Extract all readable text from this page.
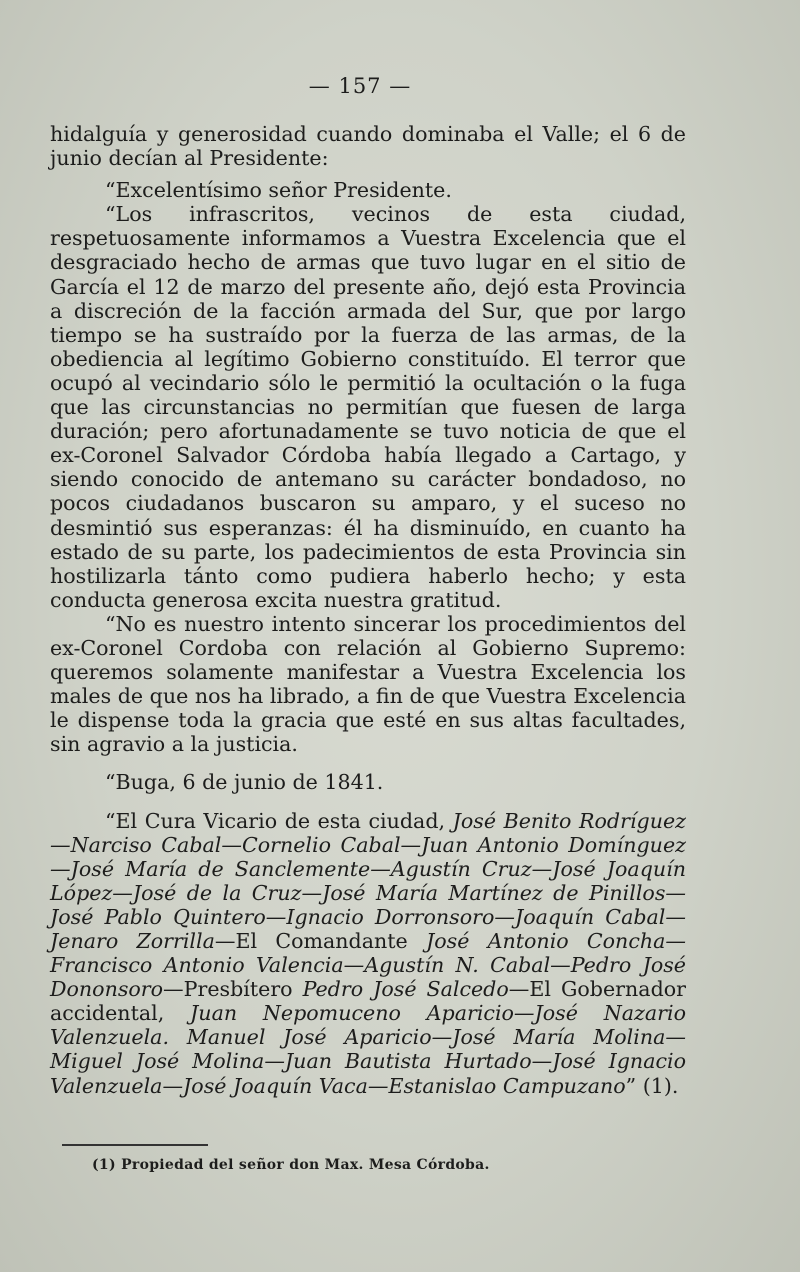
— 157 —

hidalguía y generosidad cuando dominaba el Valle; el 6 de junio decían al Presidente:

“Excelentísimo señor Presidente.

“Los infrascritos, vecinos de esta ciudad, respetuosamente informamos a Vuestra Excelencia que el desgraciado hecho de armas que tuvo lugar en el sitio de García el 12 de marzo del presente año, dejó esta Provincia a discreción de la facción armada del Sur, que por largo tiempo se ha sustraído por la fuerza de las armas, de la obediencia al legítimo Gobierno constituído. El terror que ocupó al vecindario sólo le permitió la ocultación o la fuga que las circunstancias no permitían que fuesen de larga duración; pero afortunadamente se tuvo noticia de que el ex-Coronel Salvador Córdoba había llegado a Cartago, y siendo conocido de antemano su carácter bondadoso, no pocos ciudadanos buscaron su amparo, y el suceso no desmintió sus esperanzas: él ha disminuído, en cuanto ha estado de su parte, los padecimientos de esta Provincia sin hostilizarla tánto como pudiera haberlo hecho; y esta conducta generosa excita nuestra gratitud.

“No es nuestro intento sincerar los procedimientos del ex-Coronel Cordoba con relación al Gobierno Supremo: queremos solamente manifestar a Vuestra Excelencia los males de que nos ha librado, a fin de que Vuestra Excelencia le dispense toda la gracia que esté en sus altas facultades, sin agravio a la justicia.

“Buga, 6 de junio de 1841.

“El Cura Vicario de esta ciudad, José Benito Rodríguez—Narciso Cabal—Cornelio Cabal—Juan Antonio Domínguez—José María de Sanclemente—Agustín Cruz—José Joaquín López—José de la Cruz—José María Martínez de Pinillos—José Pablo Quintero—Ignacio Dorronsoro—Joaquín Cabal—Jenaro Zorrilla—El Comandante José Antonio Concha—Francisco Antonio Valencia—Agustín N. Cabal—Pedro José Dononsoro—Presbítero Pedro José Salcedo—El Gobernador accidental, Juan Nepomuceno Aparicio—José Nazario Valenzuela. Manuel José Aparicio—José María Molina—Miguel José Molina—Juan Bautista Hurtado—José Ignacio Valenzuela—José Joaquín Vaca—Estanislao Campuzano” (1).

(1) Propiedad del señor don Max. Mesa Córdoba.
